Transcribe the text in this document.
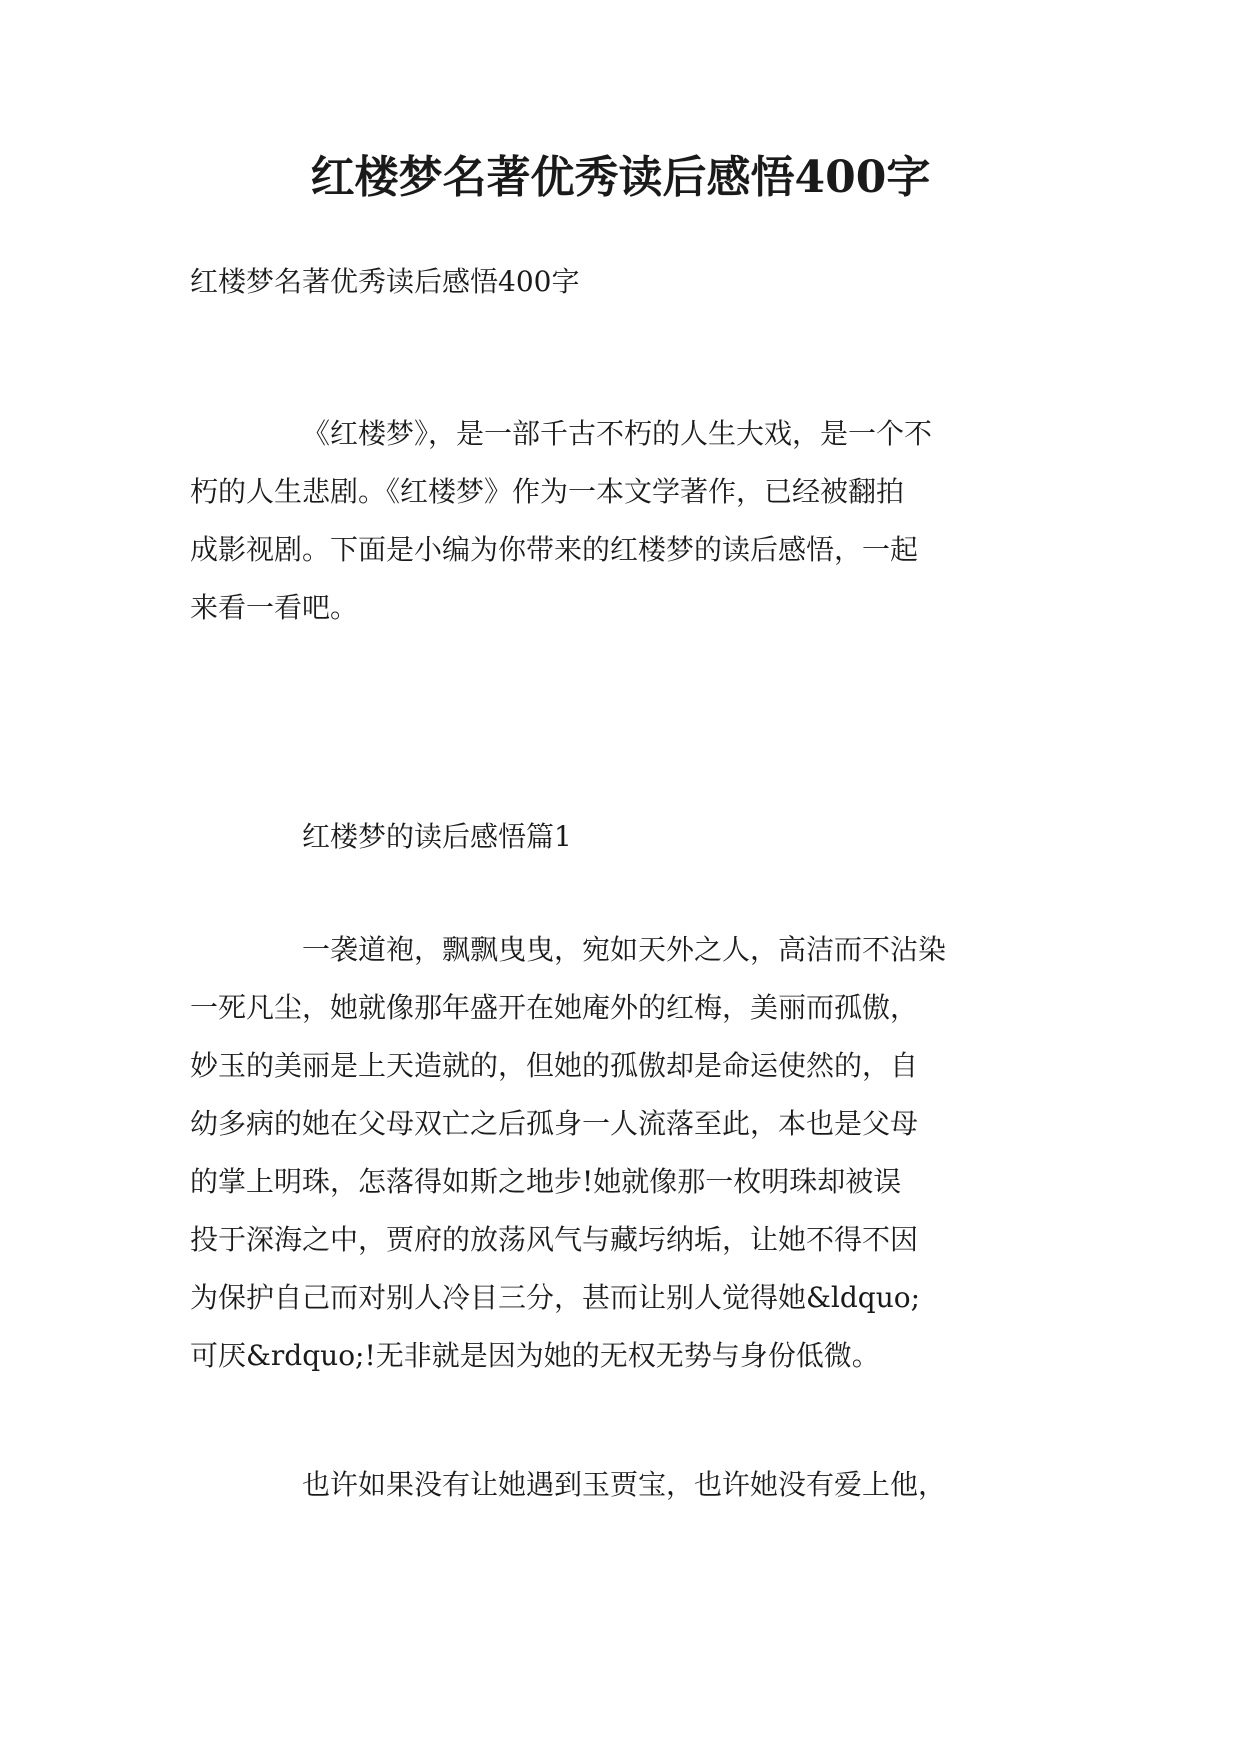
红楼梦名著优秀读后感悟400字
红楼梦名著优秀读后感悟400字
《红楼梦》，是一部千古不朽的人生大戏，是一个不
朽的人生悲剧。《红楼梦》作为一本文学著作，已经被翻拍
成影视剧。下面是小编为你带来的红楼梦的读后感悟，一起
来看一看吧。
红楼梦的读后感悟篇1
一袭道袍，飘飘曳曳，宛如天外之人，高洁而不沾染
一死凡尘，她就像那年盛开在她庵外的红梅，美丽而孤傲，
妙玉的美丽是上天造就的，但她的孤傲却是命运使然的，自
幼多病的她在父母双亡之后孤身一人流落至此，本也是父母
的掌上明珠，怎落得如斯之地步!她就像那一枚明珠却被误
投于深海之中，贾府的放荡风气与藏圬纳垢，让她不得不因
为保护自己而对别人冷目三分，甚而让别人觉得她&ldquo;
可厌&rdquo;!无非就是因为她的无权无势与身份低微。
也许如果没有让她遇到玉贾宝，也许她没有爱上他，
